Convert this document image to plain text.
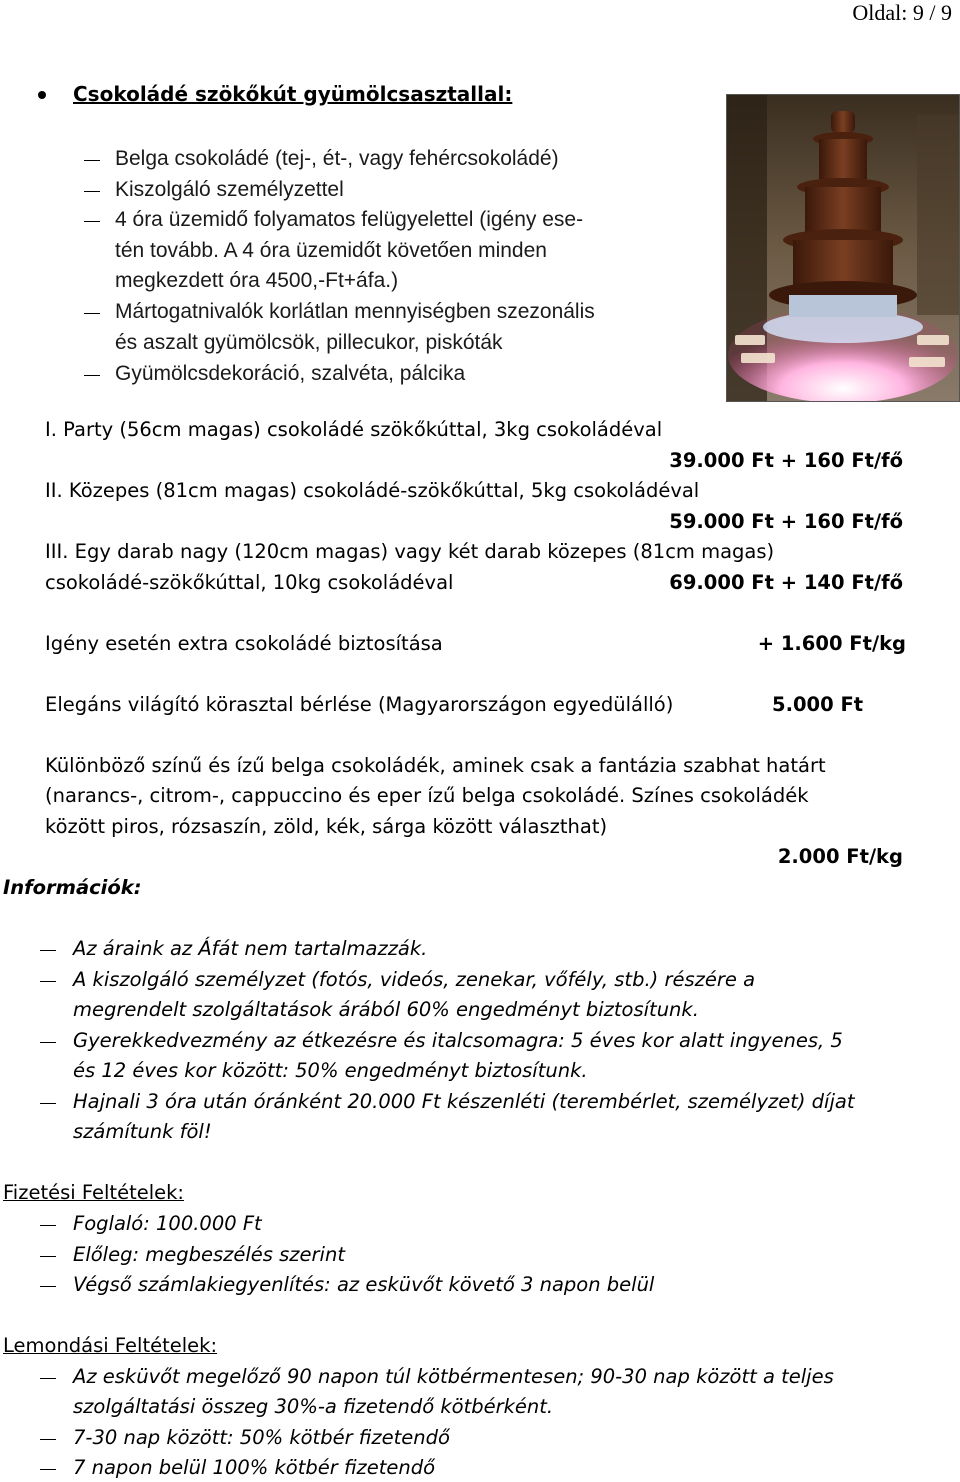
Oldal: 9 / 9
Csokoládé szökőkút gyümölcsasztallal:
Belga csokoládé (tej-, ét-, vagy fehércsokoládé)
Kiszolgáló személyzettel
4 óra üzemidő folyamatos felügyelettel (igény ese-
tén tovább. A 4 óra üzemidőt követően minden
megkezdett óra 4500,-Ft+áfa.)
Mártogatnivalók korlátlan mennyiségben szezonális
és aszalt gyümölcsök, pillecukor, piskóták
Gyümölcsdekoráció, szalvéta, pálcika
I. Party (56cm magas) csokoládé szökőkúttal, 3kg csokoládéval
39.000 Ft + 160 Ft/fő
II. Közepes (81cm magas) csokoládé-szökőkúttal, 5kg csokoládéval
59.000 Ft + 160 Ft/fő
III. Egy darab nagy (120cm magas) vagy két darab közepes (81cm magas)
csokoládé-szökőkúttal, 10kg csokoládéval	69.000 Ft + 140 Ft/fő
Igény esetén extra csokoládé biztosítása	+ 1.600 Ft/kg
Elegáns világító körasztal bérlése (Magyarországon egyedülálló)	5.000 Ft
Különböző színű és ízű belga csokoládék, aminek csak a fantázia szabhat határt
(narancs-, citrom-, cappuccino és eper ízű belga csokoládé. Színes csokoládék
között piros, rózsaszín, zöld, kék, sárga között választhat)
2.000 Ft/kg
Információk:
Az áraink az Áfát nem tartalmazzák.
A kiszolgáló személyzet (fotós, videós, zenekar, vőfély, stb.) részére a
megrendelt szolgáltatások árából 60% engedményt biztosítunk.
Gyerekkedvezmény az étkezésre és italcsomagra: 5 éves kor alatt ingyenes, 5
és 12 éves kor között: 50% engedményt biztosítunk.
Hajnali 3 óra után óránként 20.000 Ft készenléti (terembérlet, személyzet) díjat
számítunk föl!
Fizetési Feltételek:
Foglaló: 100.000 Ft
Előleg: megbeszélés szerint
Végső számlakiegyenlítés: az esküvőt követő 3 napon belül
Lemondási Feltételek:
Az esküvőt megelőző 90 napon túl kötbérmentesen; 90-30 nap között a teljes
szolgáltatási összeg 30%-a fizetendő kötbérként.
7-30 nap között: 50% kötbér fizetendő
7 napon belül 100% kötbér fizetendő
